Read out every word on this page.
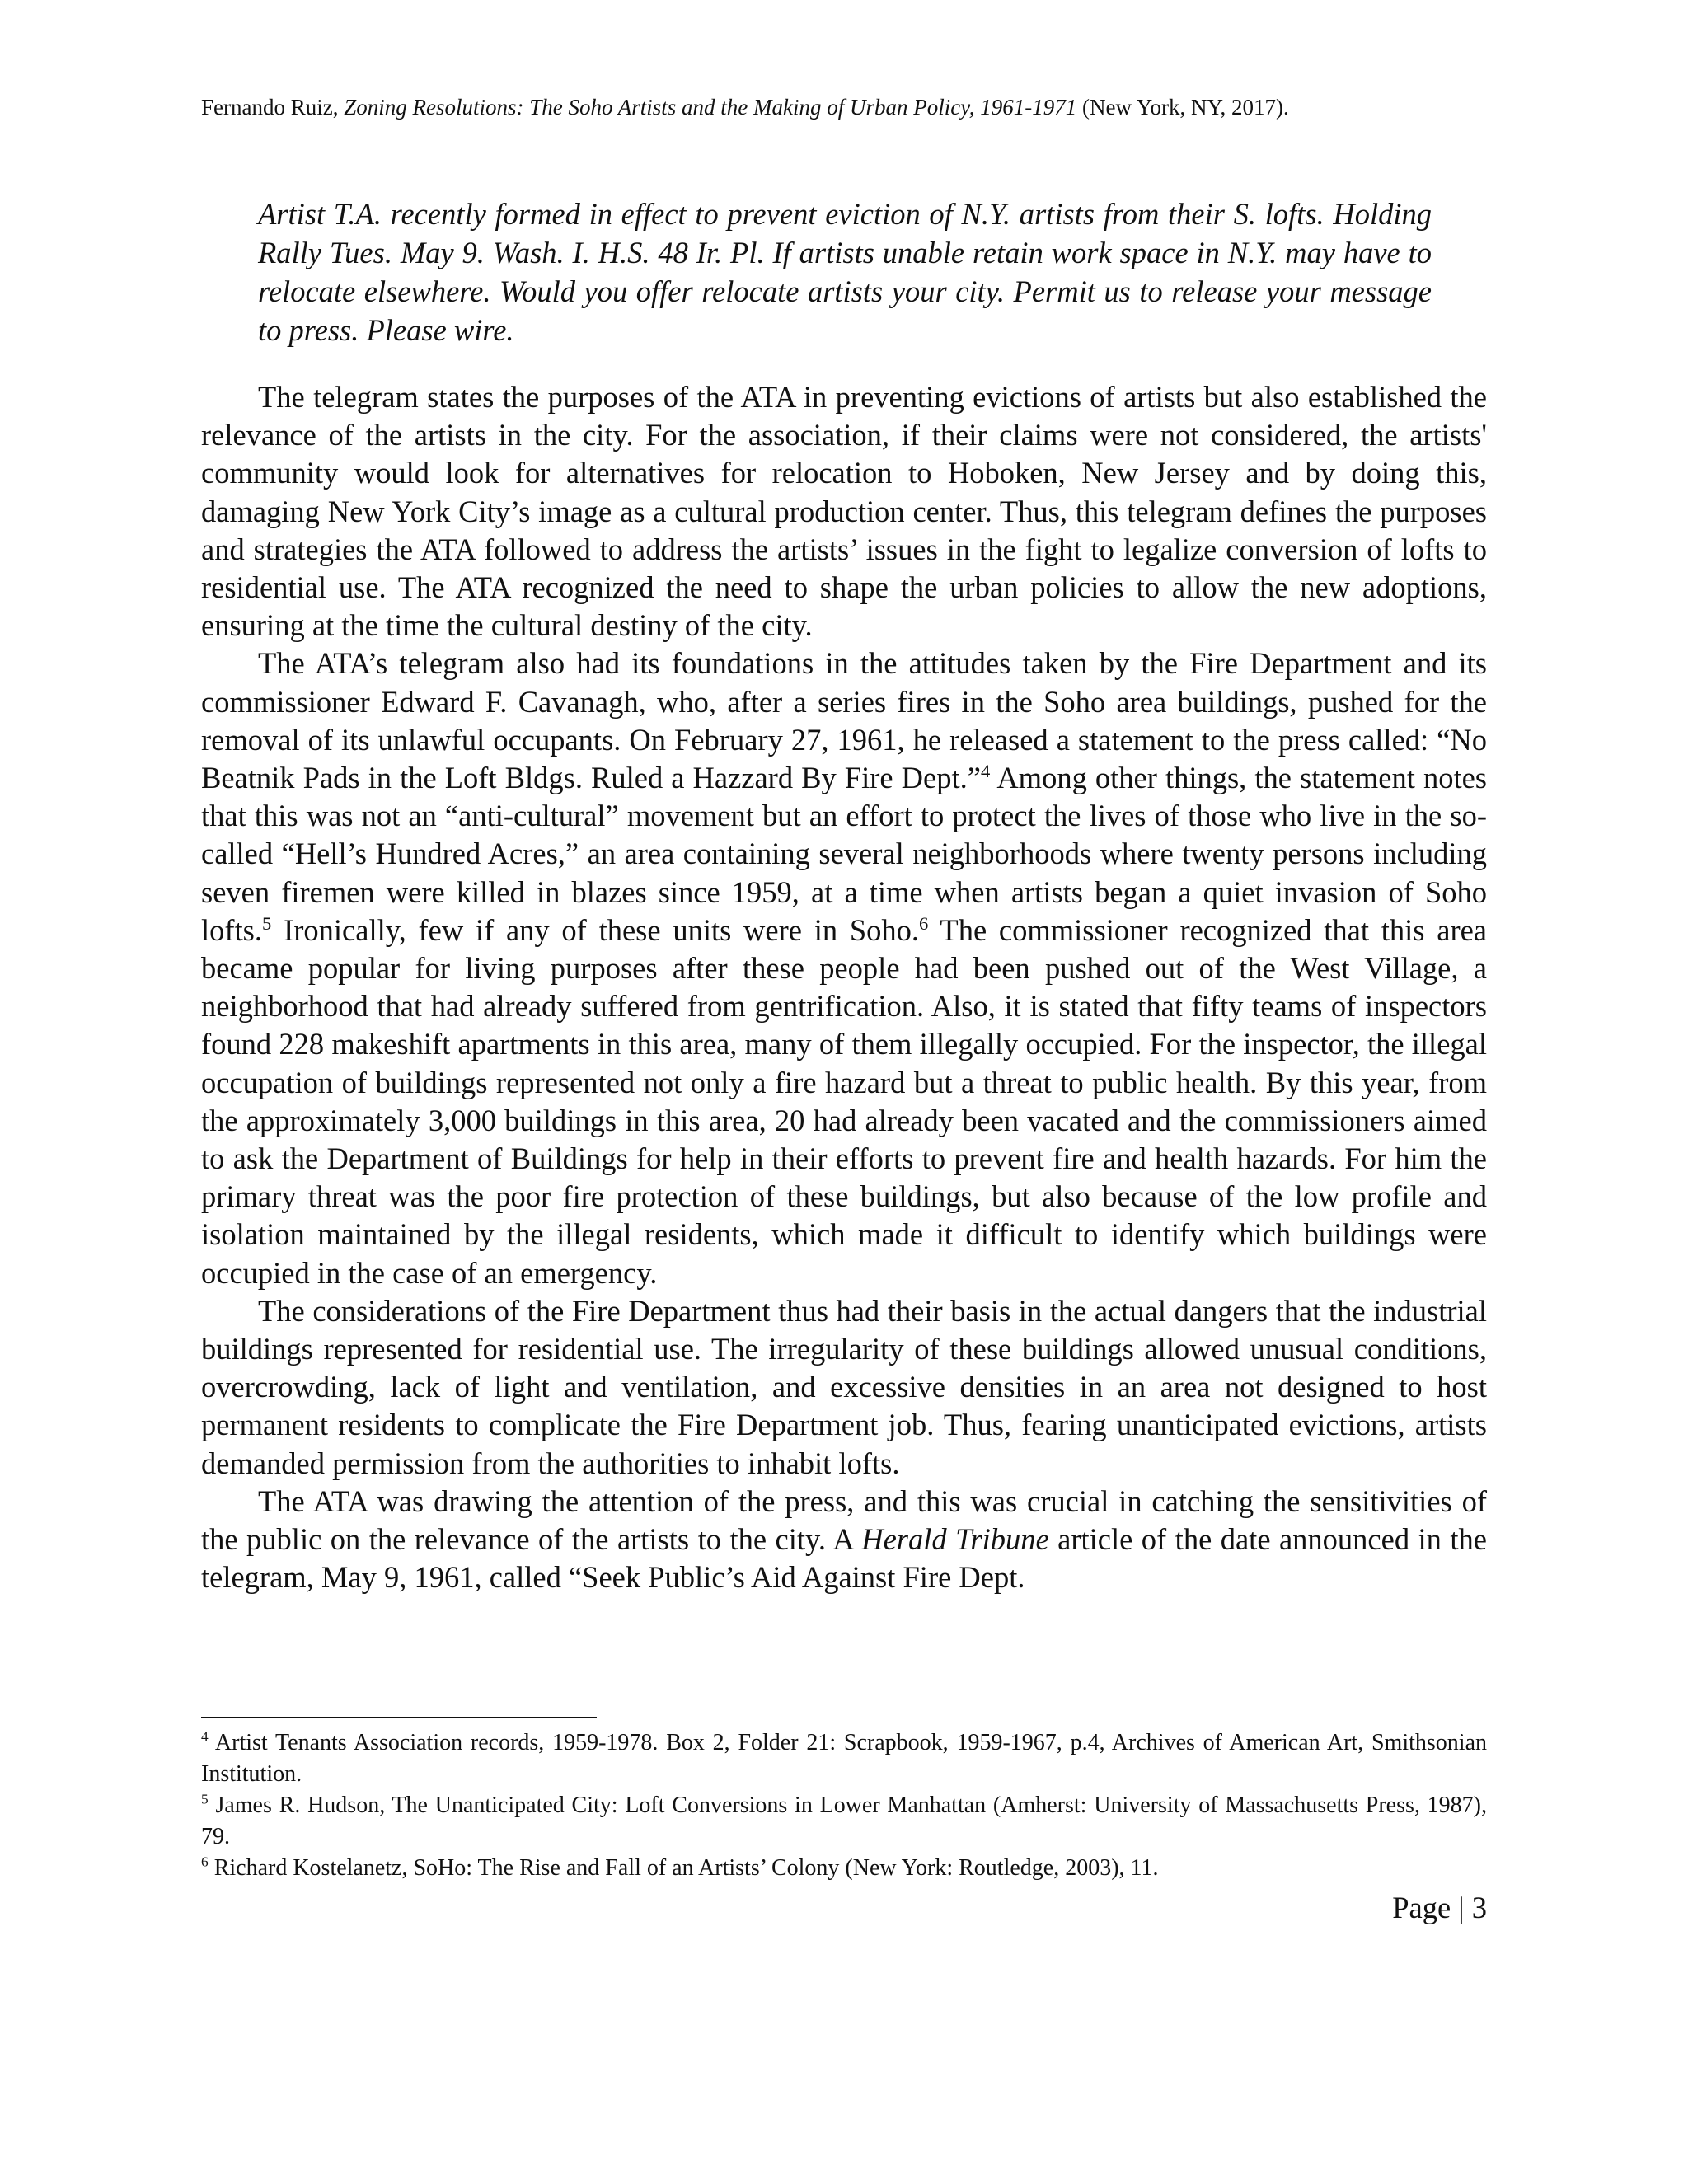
Fernando Ruiz, Zoning Resolutions: The Soho Artists and the Making of Urban Policy, 1961-1971 (New York, NY, 2017).
Artist T.A. recently formed in effect to prevent eviction of N.Y. artists from their S. lofts. Holding Rally Tues. May 9. Wash. I. H.S. 48 Ir. Pl. If artists unable retain work space in N.Y. may have to relocate elsewhere. Would you offer relocate artists your city. Permit us to release your message to press. Please wire.

The telegram states the purposes of the ATA in preventing evictions of artists but also established the relevance of the artists in the city. For the association, if their claims were not considered, the artists' community would look for alternatives for relocation to Hoboken, New Jersey and by doing this, damaging New York City’s image as a cultural production center. Thus, this telegram defines the purposes and strategies the ATA followed to address the artists’ issues in the fight to legalize conversion of lofts to residential use. The ATA recognized the need to shape the urban policies to allow the new adoptions, ensuring at the time the cultural destiny of the city.

The ATA’s telegram also had its foundations in the attitudes taken by the Fire Department and its commissioner Edward F. Cavanagh, who, after a series fires in the Soho area buildings, pushed for the removal of its unlawful occupants. On February 27, 1961, he released a statement to the press called: “No Beatnik Pads in the Loft Bldgs. Ruled a Hazzard By Fire Dept.”$^4$ Among other things, the statement notes that this was not an “anti-cultural” movement but an effort to protect the lives of those who live in the so-called “Hell’s Hundred Acres,” an area containing several neighborhoods where twenty persons including seven firemen were killed in blazes since 1959, at a time when artists began a quiet invasion of Soho lofts.$^5$ Ironically, few if any of these units were in Soho.$^6$ The commissioner recognized that this area became popular for living purposes after these people had been pushed out of the West Village, a neighborhood that had already suffered from gentrification. Also, it is stated that fifty teams of inspectors found 228 makeshift apartments in this area, many of them illegally occupied. For the inspector, the illegal occupation of buildings represented not only a fire hazard but a threat to public health. By this year, from the approximately 3,000 buildings in this area, 20 had already been vacated and the commissioners aimed to ask the Department of Buildings for help in their efforts to prevent fire and health hazards. For him the primary threat was the poor fire protection of these buildings, but also because of the low profile and isolation maintained by the illegal residents, which made it difficult to identify which buildings were occupied in the case of an emergency.

The considerations of the Fire Department thus had their basis in the actual dangers that the industrial buildings represented for residential use. The irregularity of these buildings allowed unusual conditions, overcrowding, lack of light and ventilation, and excessive densities in an area not designed to host permanent residents to complicate the Fire Department job. Thus, fearing unanticipated evictions, artists demanded permission from the authorities to inhabit lofts.

The ATA was drawing the attention of the press, and this was crucial in catching the sensitivities of the public on the relevance of the artists to the city. A Herald Tribune article of the date announced in the telegram, May 9, 1961, called “Seek Public’s Aid Against Fire Dept.

$^4$ Artist Tenants Association records, 1959-1978. Box 2, Folder 21: Scrapbook, 1959-1967, p.4, Archives of American Art, Smithsonian Institution.

$^5$ James R. Hudson, The Unanticipated City: Loft Conversions in Lower Manhattan (Amherst: University of Massachusetts Press, 1987), 79.

$^6$ Richard Kostelanetz, SoHo: The Rise and Fall of an Artists’ Colony (New York: Routledge, 2003), 11.

Page | 3
